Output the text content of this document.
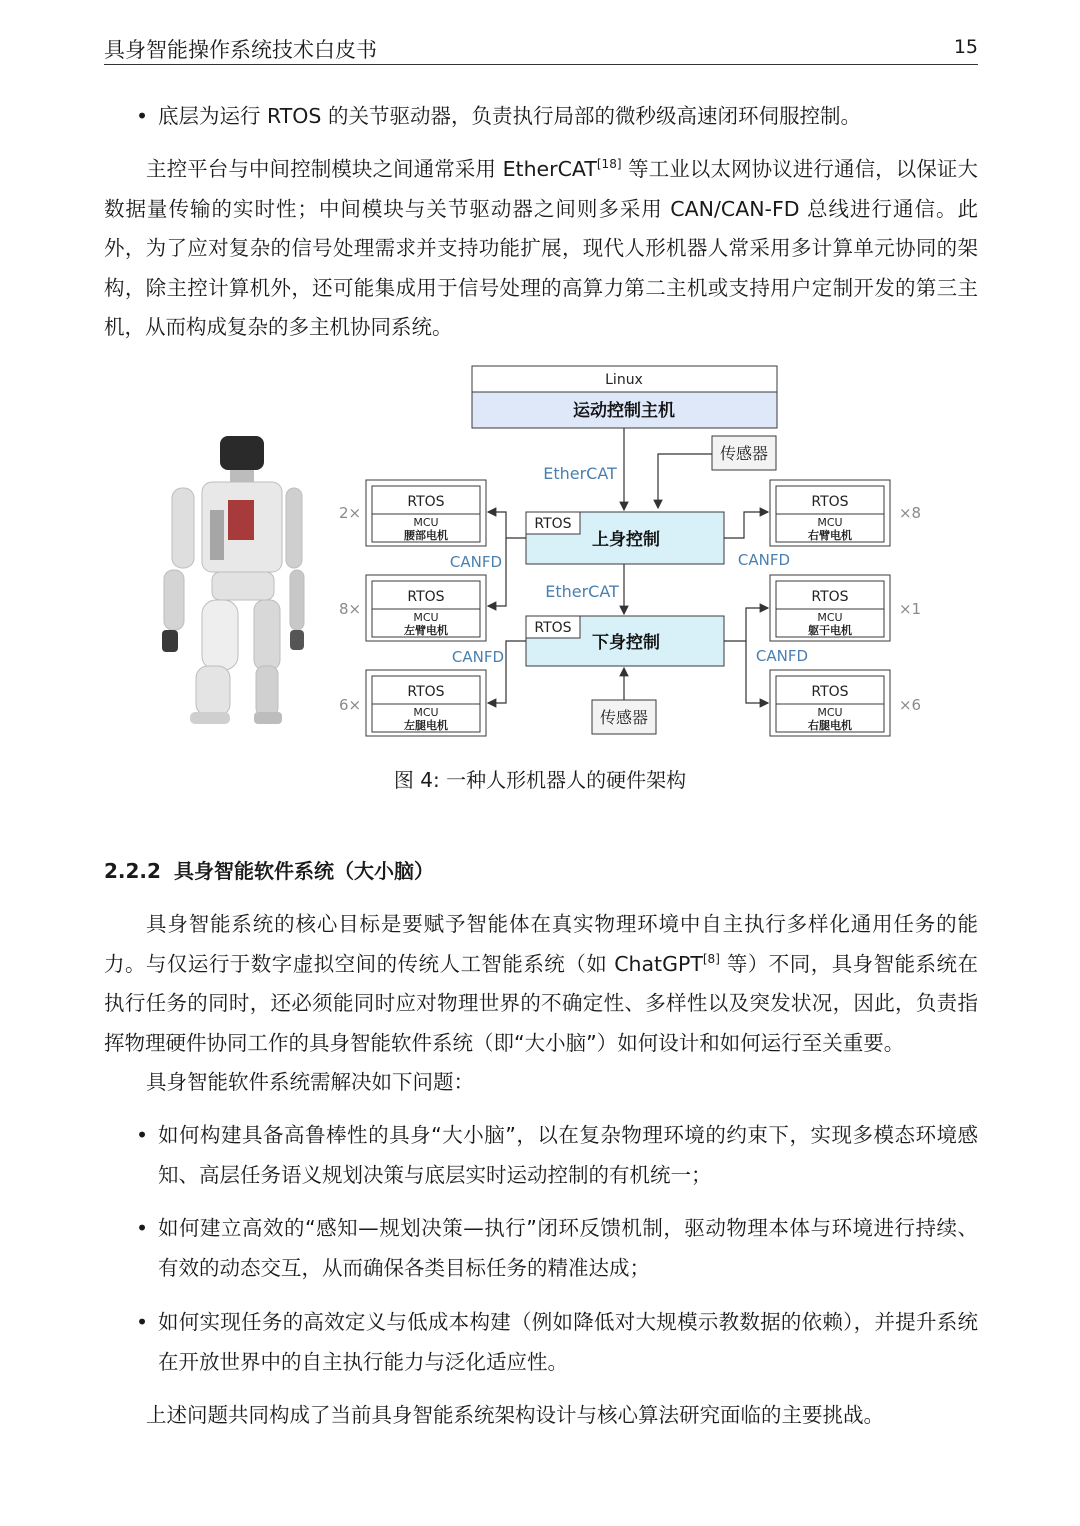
具身智能操作系统技术白皮书	15

• 底层为运行 RTOS 的关节驱动器，负责执行局部的微秒级高速闭环伺服控制。

主控平台与中间控制模块之间通常采用 EtherCAT[18] 等工业以太网协议进行通信，以保证大数据量传输的实时性；中间模块与关节驱动器之间则多采用 CAN/CAN-FD 总线进行通信。此外，为了应对复杂的信号处理需求并支持功能扩展，现代人形机器人常采用多计算单元协同的架构，除主控计算机外，还可能集成用于信号处理的高算力第二主机或支持用户定制开发的第三主机，从而构成复杂的多主机协同系统。

Linux
运动控制主机
传感器
EtherCAT
RTOS
上身控制
EtherCAT
RTOS
下身控制
传感器
RTOS
MCU
腰部电机
2×
RTOS
MCU
左臂电机
8×
RTOS
MCU
左腿电机
6×
RTOS
MCU
右臂电机
×8
RTOS
MCU
躯干电机
×1
RTOS
MCU
右腿电机
×6
CANFD	CANFD
CANFD	CANFD
图 4: 一种人形机器人的硬件架构
2.2.2 具身智能软件系统（大小脑）

具身智能系统的核心目标是要赋予智能体在真实物理环境中自主执行多样化通用任务的能力。与仅运行于数字虚拟空间的传统人工智能系统（如 ChatGPT[8] 等）不同，具身智能系统在执行任务的同时，还必须能同时应对物理世界的不确定性、多样性以及突发状况，因此，负责指挥物理硬件协同工作的具身智能软件系统（即“大小脑”）如何设计和如何运行至关重要。

具身智能软件系统需解决如下问题：

• 如何构建具备高鲁棒性的具身“大小脑”，以在复杂物理环境的约束下，实现多模态环境感知、高层任务语义规划决策与底层实时运动控制的有机统一；

• 如何建立高效的“感知—规划决策—执行”闭环反馈机制，驱动物理本体与环境进行持续、有效的动态交互，从而确保各类目标任务的精准达成；

• 如何实现任务的高效定义与低成本构建（例如降低对大规模示教数据的依赖），并提升系统在开放世界中的自主执行能力与泛化适应性。

上述问题共同构成了当前具身智能系统架构设计与核心算法研究面临的主要挑战。
